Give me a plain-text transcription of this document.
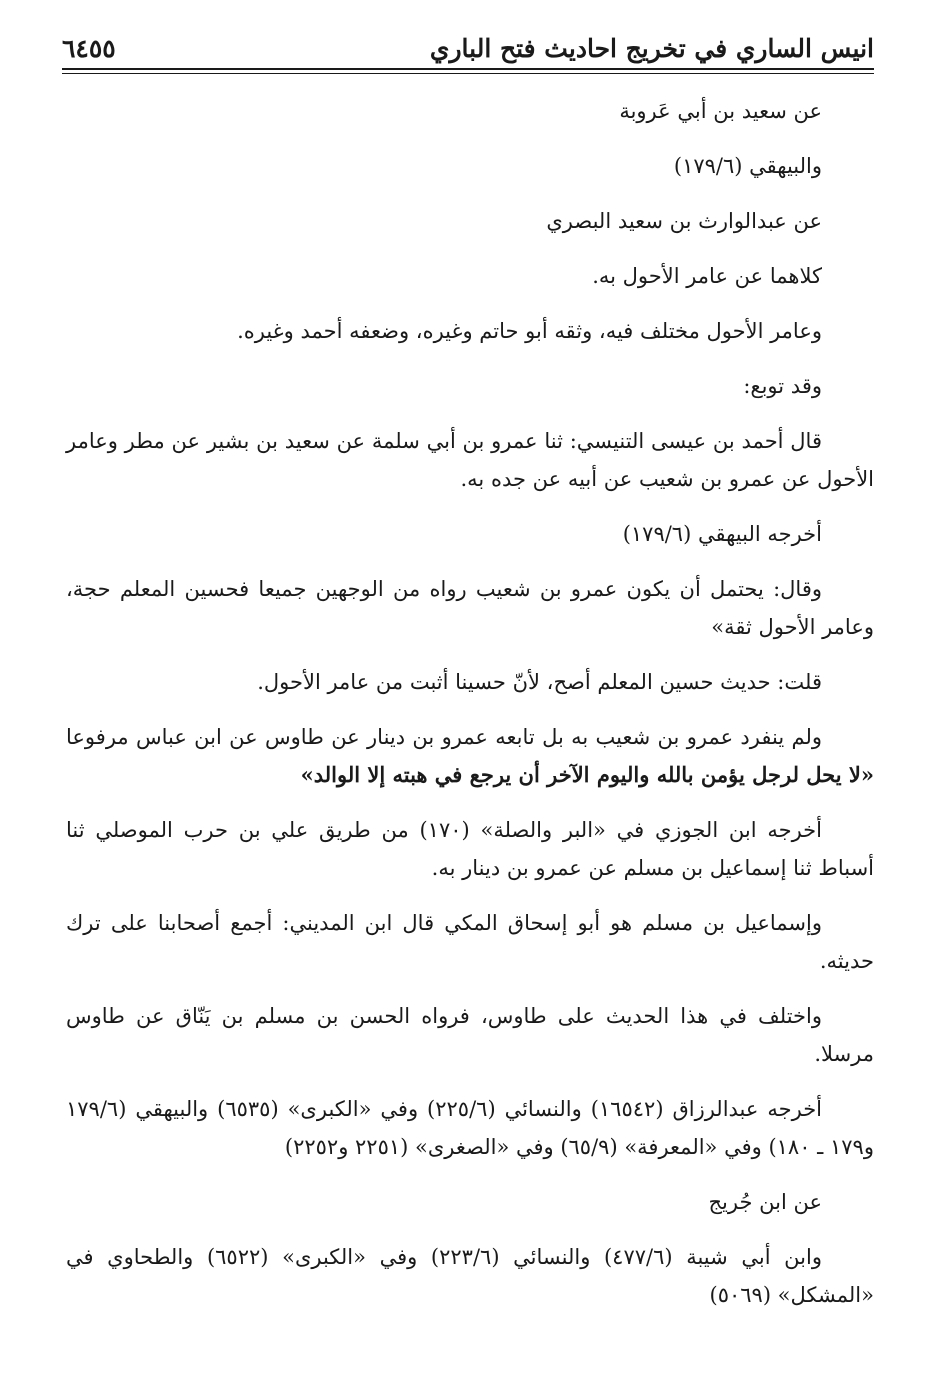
انيس الساري في تخريج احاديث فتح الباري
٦٤٥٥

عن سعيد بن أبي عَروبة

والبيهقي (١٧٩/٦)

عن عبدالوارث بن سعيد البصري

كلاهما عن عامر الأحول به.

وعامر الأحول مختلف فيه، وثقه أبو حاتم وغيره، وضعفه أحمد وغيره.

وقد توبع:

قال أحمد بن عيسى التنيسي: ثنا عمرو بن أبي سلمة عن سعيد بن بشير عن مطر وعامر الأحول عن عمرو بن شعيب عن أبيه عن جده به.

أخرجه البيهقي (١٧٩/٦)

وقال: يحتمل أن يكون عمرو بن شعيب رواه من الوجهين جميعا فحسين المعلم حجة، وعامر الأحول ثقة»

قلت: حديث حسين المعلم أصح، لأنّ حسينا أثبت من عامر الأحول.

ولم ينفرد عمرو بن شعيب به بل تابعه عمرو بن دينار عن طاوس عن ابن عباس مرفوعا «لا يحل لرجل يؤمن بالله واليوم الآخر أن يرجع في هبته إلا الوالد»

أخرجه ابن الجوزي في «البر والصلة» (١٧٠) من طريق علي بن حرب الموصلي ثنا أسباط ثنا إسماعيل بن مسلم عن عمرو بن دينار به.

وإسماعيل بن مسلم هو أبو إسحاق المكي قال ابن المديني: أجمع أصحابنا على ترك حديثه.

واختلف في هذا الحديث على طاوس، فرواه الحسن بن مسلم بن يَنّاق عن طاوس مرسلا.

أخرجه عبدالرزاق (١٦٥٤٢) والنسائي (٢٢٥/٦) وفي «الكبرى» (٦٥٣٥) والبيهقي (١٧٩/٦ و١٧٩ ـ ١٨٠) وفي «المعرفة» (٦٥/٩) وفي «الصغرى» (٢٢٥١ و٢٢٥٢)

عن ابن جُريج

وابن أبي شيبة (٤٧٧/٦) والنسائي (٢٢٣/٦) وفي «الكبرى» (٦٥٢٢) والطحاوي في «المشكل» (٥٠٦٩)
